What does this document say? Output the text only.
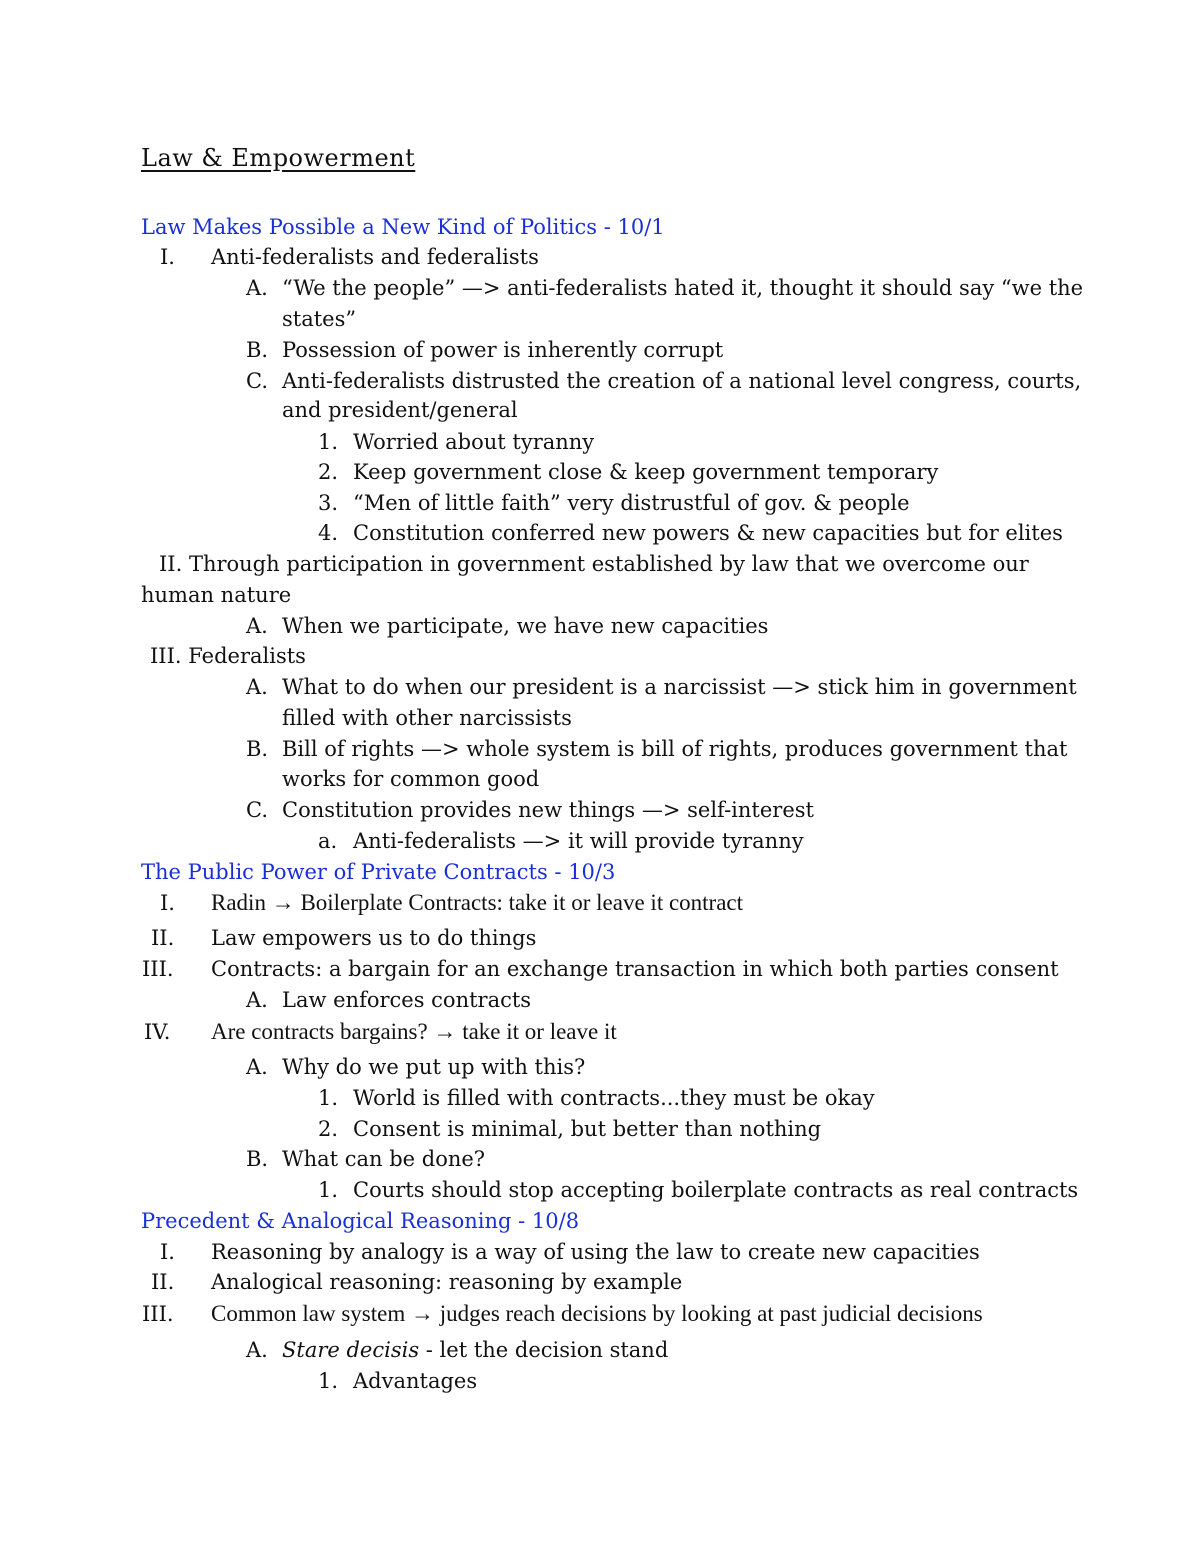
Law & Empowerment
Law Makes Possible a New Kind of Politics - 10/1
I. Anti-federalists and federalists
A. “We the people” —> anti-federalists hated it, thought it should say “we the
states”
B. Possession of power is inherently corrupt
C. Anti-federalists distrusted the creation of a national level congress, courts,
and president/general
1. Worried about tyranny
2. Keep government close & keep government temporary
3. “Men of little faith” very distrustful of gov. & people
4. Constitution conferred new powers & new capacities but for elites
II. Through participation in government established by law that we overcome our
human nature
A. When we participate, we have new capacities
III. Federalists
A. What to do when our president is a narcissist —> stick him in government
filled with other narcissists
B. Bill of rights —> whole system is bill of rights, produces government that
works for common good
C. Constitution provides new things —> self-interest
a. Anti-federalists —> it will provide tyranny
The Public Power of Private Contracts - 10/3
I. Radin → Boilerplate Contracts: take it or leave it contract
II. Law empowers us to do things
III. Contracts: a bargain for an exchange transaction in which both parties consent
A. Law enforces contracts
IV. Are contracts bargains? → take it or leave it
A. Why do we put up with this?
1. World is filled with contracts...they must be okay
2. Consent is minimal, but better than nothing
B. What can be done?
1. Courts should stop accepting boilerplate contracts as real contracts
Precedent & Analogical Reasoning - 10/8
I. Reasoning by analogy is a way of using the law to create new capacities
II. Analogical reasoning: reasoning by example
III. Common law system → judges reach decisions by looking at past judicial decisions
A. Stare decisis - let the decision stand
1. Advantages
